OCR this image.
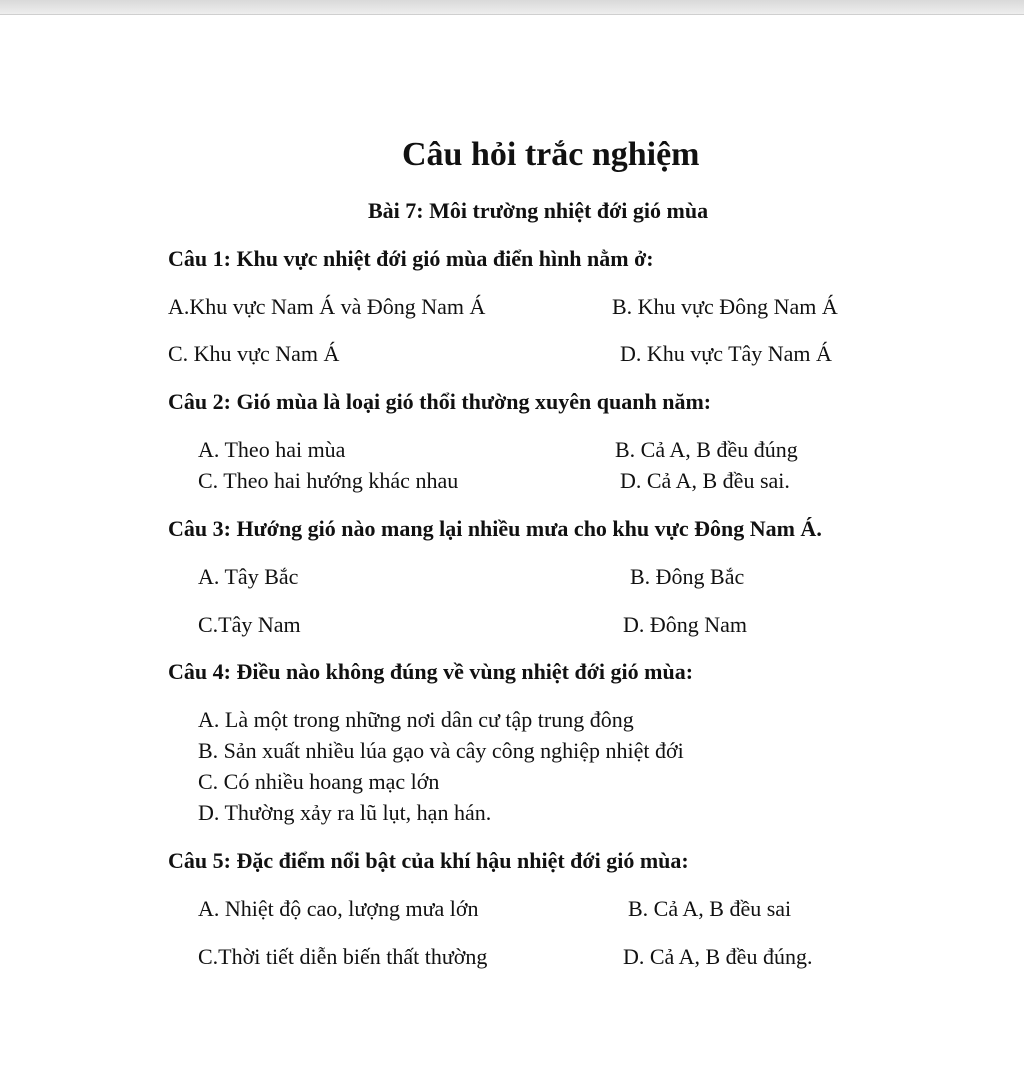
Câu hỏi trắc nghiệm
Bài 7: Môi trường nhiệt đới gió mùa
Câu 1: Khu vực nhiệt đới gió mùa điển hình nằm ở:
A.Khu vực Nam Á và Đông Nam Á	B. Khu vực Đông Nam Á
C. Khu vực Nam Á	D. Khu vực Tây Nam Á
Câu 2: Gió mùa là loại gió thổi thường xuyên quanh năm:
A. Theo hai mùa	B. Cả A, B đều đúng
C. Theo hai hướng khác nhau	D. Cả A, B đều sai.
Câu 3: Hướng gió nào mang lại nhiều mưa cho khu vực Đông Nam Á.
A. Tây Bắc	B. Đông Bắc
C.Tây Nam	D. Đông Nam
Câu 4: Điều nào không đúng về vùng nhiệt đới gió mùa:
A. Là một trong những nơi dân cư tập trung đông
B. Sản xuất nhiều lúa gạo và cây công nghiệp nhiệt đới
C. Có nhiều hoang mạc lớn
D. Thường xảy ra lũ lụt, hạn hán.
Câu 5: Đặc điểm nổi bật của khí hậu nhiệt đới gió mùa:
A. Nhiệt độ cao, lượng mưa lớn	B. Cả A, B đều sai
C.Thời tiết diễn biến thất thường	D. Cả A, B đều đúng.
